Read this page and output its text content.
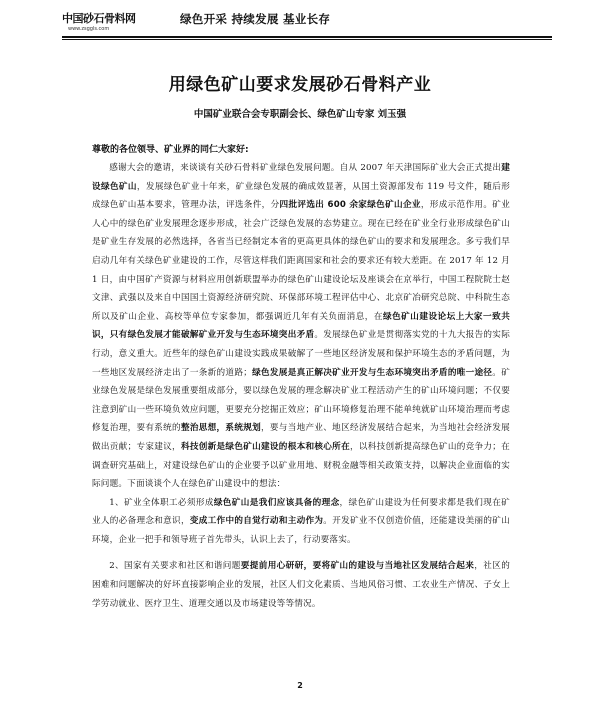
中国砂石骨料网
www.zsggls.com
绿色开采 持续发展 基业长存
用绿色矿山要求发展砂石骨料产业
中国矿业联合会专职副会长、绿色矿山专家 刘玉强
尊敬的各位领导、矿业界的同仁大家好:

感谢大会的邀请，来谈谈有关砂石骨料矿业绿色发展问题。自从 2007 年天津国际矿业大会正式提出建设绿色矿山，发展绿色矿业十年来，矿业绿色发展的确成效显著，从国土资源部发布 119 号文件，随后形成绿色矿山基本要求，管理办法，评选条件，分四批评选出 600 余家绿色矿山企业，形成示范作用。矿业人心中的绿色矿业发展理念逐步形成，社会广泛绿色发展的态势建立。现在已经在矿业全行业形成绿色矿山是矿业生存发展的必然选择，各省当已经制定本省的更高更具体的绿色矿山的要求和发展理念。多亏我们早启动几年有关绿色矿业建设的工作，尽管这样我们距离国家和社会的要求还有较大差距。在 2017 年 12 月 1 日，由中国矿产资源与材料应用创新联盟举办的绿色矿山建设论坛及座谈会在京举行，中国工程院院士赵文津、武强以及来自中国国土资源经济研究院、环保部环境工程评估中心、北京矿冶研究总院、中科院生态所以及矿山企业、高校等单位专家参加，都强调近几年有关负面消息，在绿色矿山建设论坛上大家一致共识，只有绿色发展才能破解矿业开发与生态环境突出矛盾。发展绿色矿业是贯彻落实党的十九大报告的实际行动，意义重大。近些年的绿色矿山建设实践成果破解了一些地区经济发展和保护环境生态的矛盾问题，为一些地区发展经济走出了一条新的道路；绿色发展是真正解决矿业开发与生态环境突出矛盾的唯一途径。矿业绿色发展是绿色发展重要组成部分，要以绿色发展的理念解决矿业工程活动产生的矿山环境问题；不仅要注意到矿山一些环境负效应问题，更要充分挖掘正效应；矿山环境修复治理不能单纯就矿山环境治理而考虑修复治理，要有系统的整治思想，系统规划，要与当地产业、地区经济发展结合起来，为当地社会经济发展做出贡献；专家建议，科技创新是绿色矿山建设的根本和核心所在，以科技创新提高绿色矿山的竞争力；在调查研究基础上，对建设绿色矿山的企业要予以矿业用地、财税金融等相关政策支持，以解决企业面临的实际问题。下面谈谈个人在绿色矿山建设中的想法：

1、矿业全体职工必须形成绿色矿山是我们应该具备的理念，绿色矿山建设为任何要求都是我们现在矿业人的必备理念和意识，变成工作中的自觉行动和主动作为。开发矿业不仅创造价值，还能建设美丽的矿山环境，企业一把手和领导班子首先带头，认识上去了，行动要落实。

2、国家有关要求和社区和谐问题要提前用心研研，要将矿山的建设与当地社区发展结合起来，社区的困难和问题解决的好坏直接影响企业的发展，社区人们文化素质、当地风俗习惯、工农业生产情况、子女上学劳动就业、医疗卫生、道理交通以及市场建设等等情况。

2
